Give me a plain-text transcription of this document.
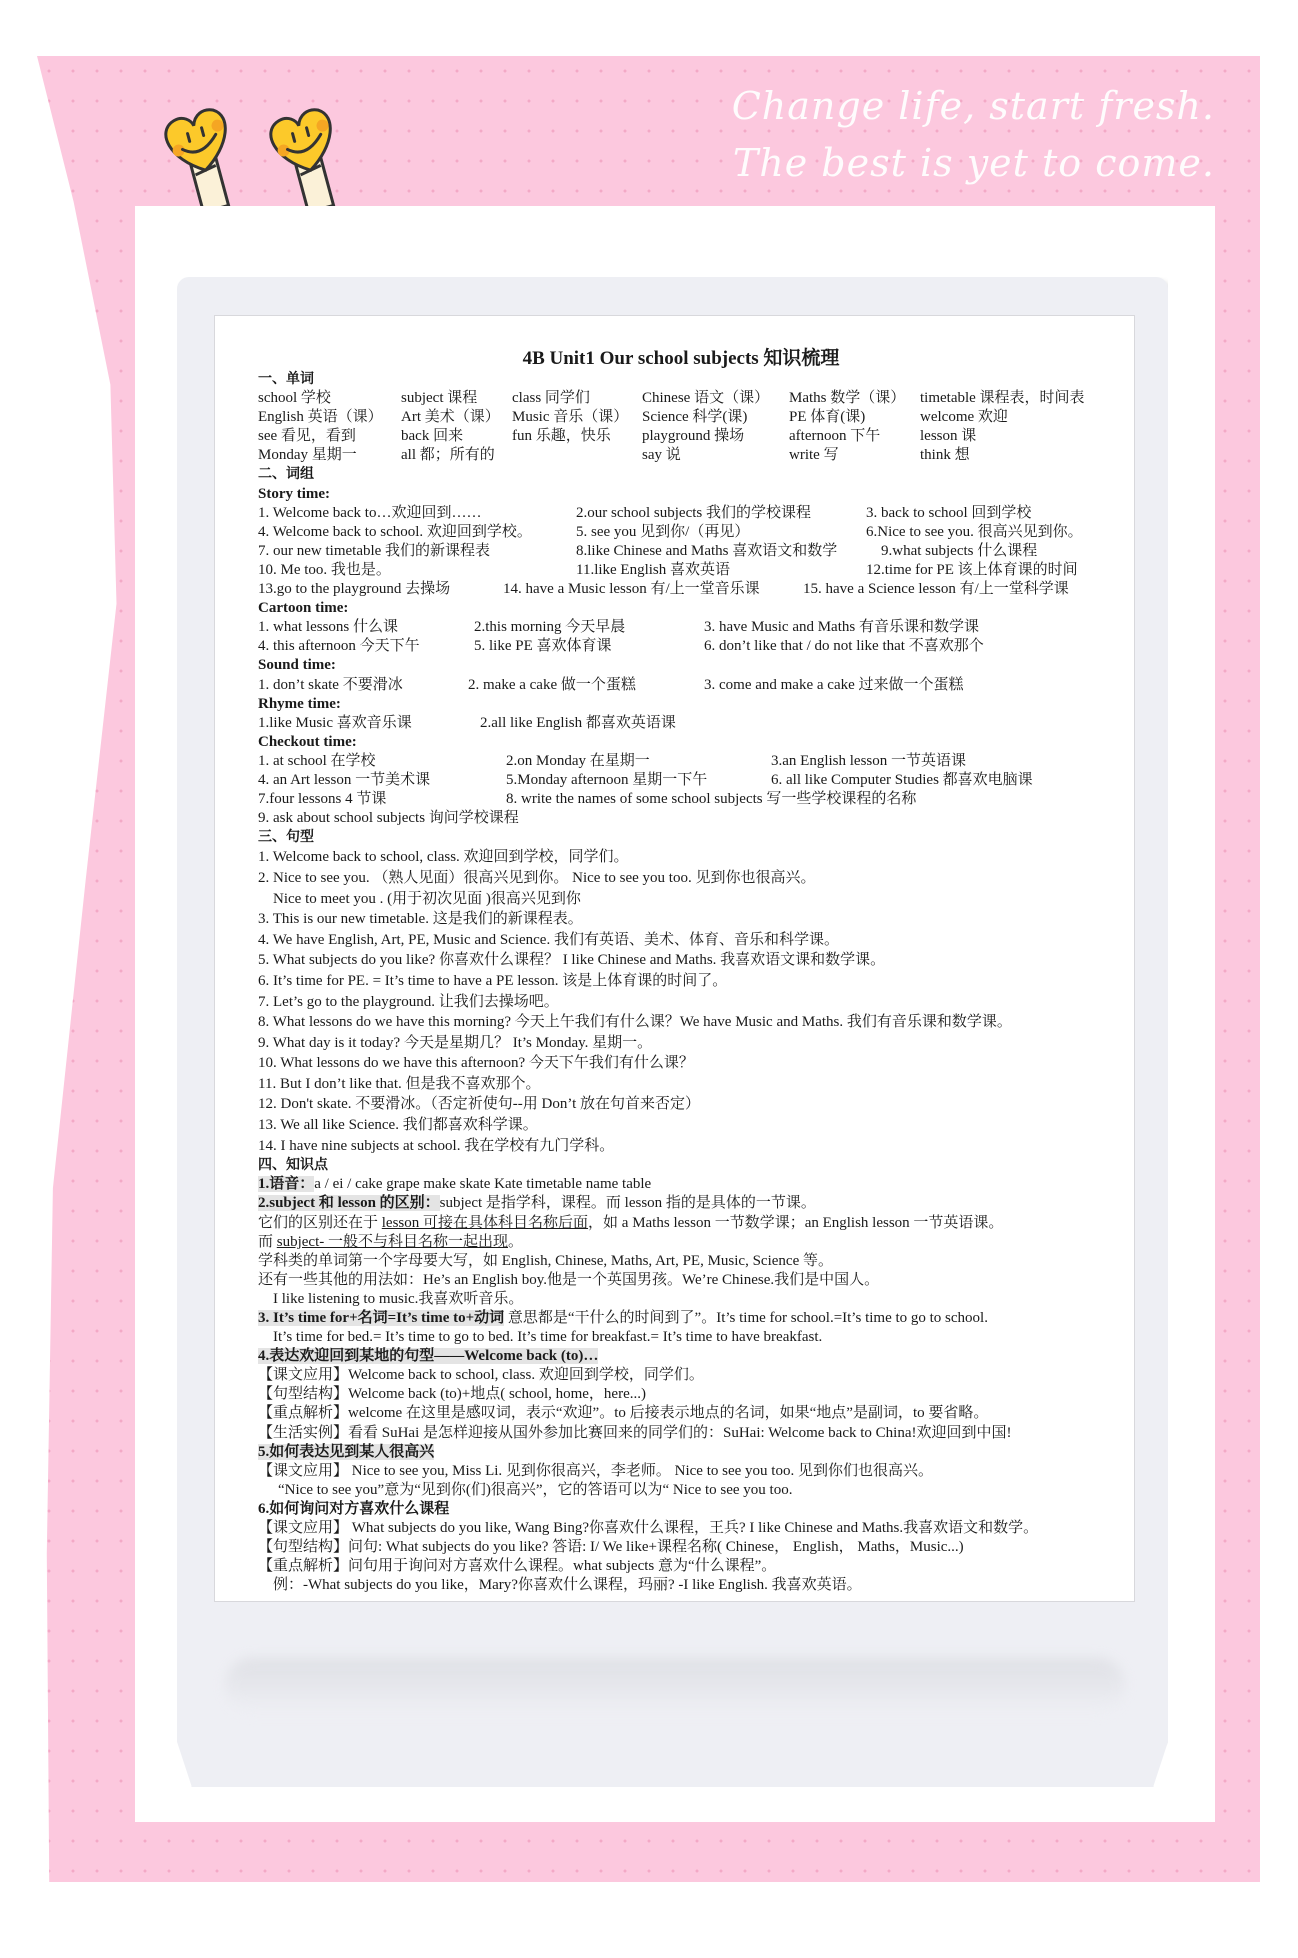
Change life, start fresh.
The best is yet to come.
4B Unit1 Our school subjects 知识梳理
一、单词
school 学校	subject 课程	class 同学们	Chinese 语文（课）	Maths 数学（课） timetable 课程表，时间表
English 英语（课）	Art 美术（课） Music 音乐（课） Science 科学(课)	PE 体育(课)	welcome 欢迎
see 看见，看到	back 回来	fun 乐趣，快乐	playground 操场	afternoon 下午	lesson 课
Monday 星期一	all 都；所有的	say 说	write 写	think 想
二、词组
Story time:
1. Welcome back to…欢迎回到……	2.our school subjects 我们的学校课程	3. back to school 回到学校
4. Welcome back to school. 欢迎回到学校。	5. see you 见到你/（再见）	6.Nice to see you. 很高兴见到你。
7. our new timetable 我们的新课程表	8.like Chinese and Maths 喜欢语文和数学	9.what subjects 什么课程
10. Me too. 我也是。	11.like English 喜欢英语	12.time for PE 该上体育课的时间
13.go to the playground 去操场	14. have a Music lesson 有/上一堂音乐课	15. have a Science lesson 有/上一堂科学课
Cartoon time:
1. what lessons 什么课	2.this morning 今天早晨	3. have Music and Maths 有音乐课和数学课
4. this afternoon 今天下午	5. like PE 喜欢体育课	6. don’t like that / do not like that 不喜欢那个
Sound time:
1. don’t skate 不要滑冰	2. make a cake 做一个蛋糕	3. come and make a cake 过来做一个蛋糕
Rhyme time:
1.like Music 喜欢音乐课	2.all like English 都喜欢英语课
Checkout time:
1. at school 在学校	2.on Monday 在星期一	3.an English lesson 一节英语课
4. an Art lesson 一节美术课	5.Monday afternoon 星期一下午	6. all like Computer Studies 都喜欢电脑课
7.four lessons 4 节课	8. write the names of some school subjects 写一些学校课程的名称
9. ask about school subjects 询问学校课程
三、句型
1. Welcome back to school, class. 欢迎回到学校，同学们。
2. Nice to see you. （熟人见面）很高兴见到你。 Nice to see you too. 见到你也很高兴。
Nice to meet you . (用于初次见面 )很高兴见到你
3. This is our new timetable. 这是我们的新课程表。
4. We have English, Art, PE, Music and Science. 我们有英语、美术、体育、音乐和科学课。
5. What subjects do you like? 你喜欢什么课程？ I like Chinese and Maths. 我喜欢语文课和数学课。
6. It’s time for PE. = It’s time to have a PE lesson. 该是上体育课的时间了。
7. Let’s go to the playground. 让我们去操场吧。
8. What lessons do we have this morning? 今天上午我们有什么课？We have Music and Maths. 我们有音乐课和数学课。
9. What day is it today? 今天是星期几？ It’s Monday. 星期一。
10. What lessons do we have this afternoon? 今天下午我们有什么课？
11. But I don’t like that. 但是我不喜欢那个。
12. Don't skate. 不要滑冰。（否定祈使句--用 Don’t 放在句首来否定）
13. We all like Science. 我们都喜欢科学课。
14. I have nine subjects at school. 我在学校有九门学科。
四、知识点
1.语音：a / ei / cake grape make skate Kate timetable name table
2.subject 和 lesson 的区别：subject 是指学科，课程。而 lesson 指的是具体的一节课。
它们的区别还在于 lesson 可接在具体科目名称后面，如 a Maths lesson 一节数学课；an English lesson 一节英语课。
而 subject- 一般不与科目名称一起出现。
学科类的单词第一个字母要大写，如 English, Chinese, Maths, Art, PE, Music, Science 等。
还有一些其他的用法如：He’s an English boy.他是一个英国男孩。We’re Chinese.我们是中国人。
I like listening to music.我喜欢听音乐。
3. It’s time for+名词=It’s time to+动词 意思都是“干什么的时间到了”。It’s time for school.=It’s time to go to school.
It’s time for bed.= It’s time to go to bed. It’s time for breakfast.= It’s time to have breakfast.
4.表达欢迎回到某地的句型——Welcome back (to)…
【课文应用】Welcome back to school, class. 欢迎回到学校，同学们。
【句型结构】Welcome back (to)+地点( school, home，here...)
【重点解析】welcome 在这里是感叹词，表示“欢迎”。to 后接表示地点的名词，如果“地点”是副词，to 要省略。
【生活实例】看看 SuHai 是怎样迎接从国外参加比赛回来的同学们的：SuHai: Welcome back to China!欢迎回到中国!
5.如何表达见到某人很高兴
【课文应用】 Nice to see you, Miss Li. 见到你很高兴，李老师。 Nice to see you too. 见到你们也很高兴。
“Nice to see you”意为“见到你(们)很高兴”，它的答语可以为“ Nice to see you too.
6.如何询问对方喜欢什么课程
【课文应用】 What subjects do you like, Wang Bing?你喜欢什么课程，王兵? I like Chinese and Maths.我喜欢语文和数学。
【句型结构】问句: What subjects do you like? 答语: I/ We like+课程名称( Chinese， English， Maths，Music...)
【重点解析】问句用于询问对方喜欢什么课程。what subjects 意为“什么课程”。
例：-What subjects do you like，Mary?你喜欢什么课程，玛丽? -I like English. 我喜欢英语。
